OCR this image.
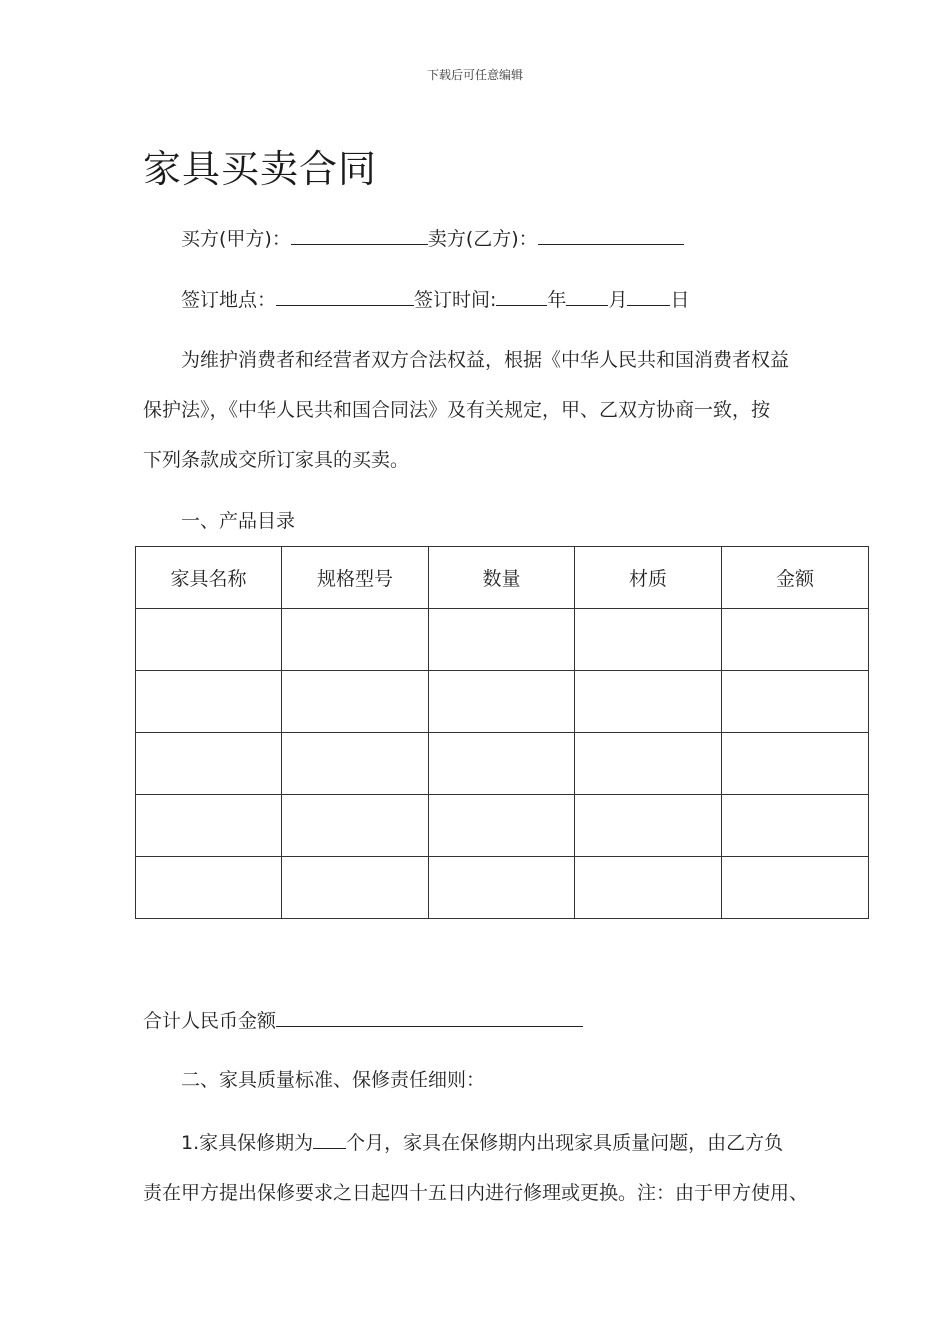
下载后可任意编辑
家具买卖合同
买方(甲方)：	卖方(乙方)：
签订地点：	签订时间:	年 月 日
为维护消费者和经营者双方合法权益，根据《中华人民共和国消费者权益
保护法》，《中华人民共和国合同法》及有关规定，甲、乙双方协商一致，按
下列条款成交所订家具的买卖。
一、产品目录
家具名称	规格型号	数量	材质	金额

合计人民币金额
二、家具质量标准、保修责任细则：
1.家具保修期为 个月，家具在保修期内出现家具质量问题，由乙方负
责在甲方提出保修要求之日起四十五日内进行修理或更换。注：由于甲方使用、
